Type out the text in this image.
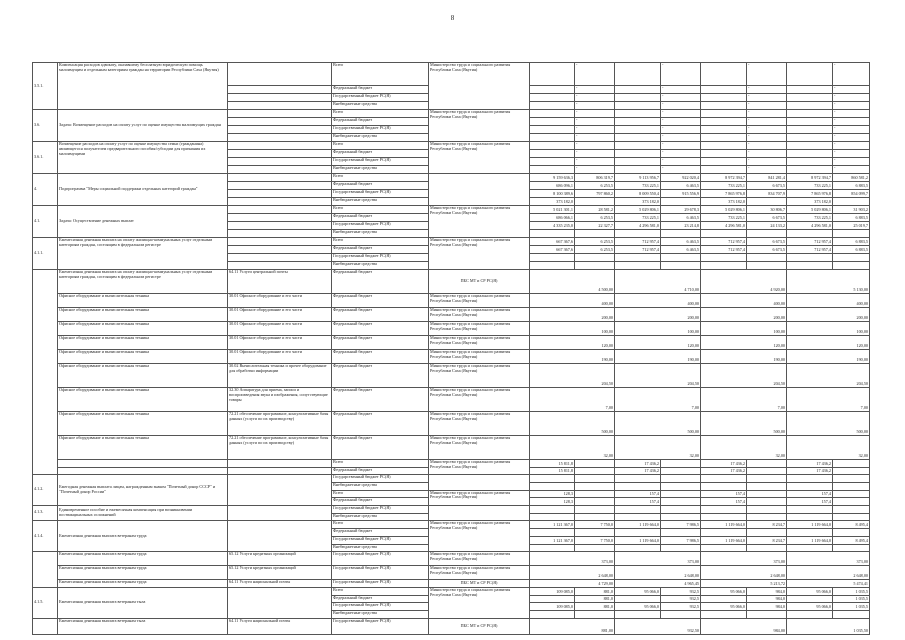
8
3.5.1.	Компенсация расходов адвокату, оказавшему бесплатную юридическую помощь малоимущим и отдельным категориям граждан на территории Республики Саха (Якутия)		Всего	Министерство труда и социального развития Республики Саха (Якутия)		-		-		-		-
			Федеральный бюджет			-		-		-		-
			Государственный бюджет РС(Я)			-		-		-		-
			Внебюджетные средства			-		-		-		-
3.6.	Задача: Возмещение расходов на оплату услуг по оценке имущества малоимущих граждан		Всего	Министерство труда и социального развития Республики Саха (Якутия)		-		-		-		-
			Федеральный бюджет			-		-		-		-
			Государственный бюджет РС(Я)			-		-		-		-
			Внебюджетные средства			-		-		-		-
3.6.1.	Возмещение расходов на оплату услуг по оценке имущества семьи (гражданина) являющегося получателем предварительного пособия/субсидии для признания их малоимущими		Всего	Министерство труда и социального развития Республики Саха (Якутия)		-		-		-		-
			Федеральный бюджет			-		-		-		-
			Государственный бюджет РС(Я)			-		-		-		-
			Внебюджетные средства			-		-		-		-
4.	Подпрограмма "Меры социальной поддержки отдельных категорий граждан"		Всего		9 159 636,3	806 319,7	9 113 956,7	922 020,4	8 972 394,7	841 281,4	8 972 394,7	860 581,2
			Федеральный бюджет		686 096,1	6 253,5	733 225,1	6 463,5	733 225,1	6 673,5	733 225,1	6 883,5
			Государственный бюджет РС(Я)		8 100 389,6	797 860,2	8 009 550,4	915 556,9	7 865 976,8	834 707,9	7 865 976,8	854 099,7
			Внебюджетные средства		373 182,0		373 182,0		373 182,0		373 182,0	
4.1.	Задача: Осуществление денежных выплат		Всего	Министерство труда и социального развития Республики Саха (Якутия)	5 021 301,1	28 581,2	5 029 806,1	29 678,3	5 029 806,1	30 806,7	5 029 806,1	31 903,2
			Федеральный бюджет		686 066,1	6 253,5	733 225,1	6 463,5	733 225,1	6 673,5	733 225,1	6 883,5
			Государственный бюджет РС(Я)		4 335 235,0	22 327,7	4 296 581,0	23 214,8	4 296 581,0	24 133,2	4 296 581,0	25 019,7
			Внебюджетные средства									
4.1.1.	Ежемесячная денежная выплата на оплату жилищно-коммунальных услуг отдельным категориям граждан, состоящим в федеральном регистре		Всего	Министерство труда и социального развития Республики Саха (Якутия)	667 367,6	6 253,5	712 957,4	6 463,5	712 957,4	6 673,5	712 957,4	6 883,5
			Федеральный бюджет		667 367,6	6 253,5	712 957,4	6 463,5	712 957,4	6 673,5	712 957,4	6 883,5
			Государственный бюджет РС(Я)									
			Внебюджетные средства									
	Ежемесячная денежная выплата на оплату жилищно-коммунальных услуг отдельным категориям граждан, состоящим в федеральном регистре	64.11 Услуги центральной почты	Федеральный бюджет	ПБС МТ и СР РС(Я)	4 500,00		4 710,00		4 920,00		5 130,00	
	Офисное оборудование и вычислительная техника	30.01 Офисное оборудование и его части	Федеральный бюджет	Министерство труда и социального развития Республики Саха (Якутия)	400,00		400,00		400,00		400,00	
	Офисное оборудование и вычислительная техника	30.01 Офисное оборудование и его части	Федеральный бюджет	Министерство труда и социального развития Республики Саха (Якутия)	200,00		200,00		200,00		200,00	
	Офисное оборудование и вычислительная техника	30.01 Офисное оборудование и его части	Федеральный бюджет	Министерство труда и социального развития Республики Саха (Якутия)	100,00		100,00		100,00		100,00	
	Офисное оборудование и вычислительная техника	30.01 Офисное оборудование и его части	Федеральный бюджет	Министерство труда и социального развития Республики Саха (Якутия)	120,00		120,00		120,00		120,00	
	Офисное оборудование и вычислительная техника	30.01 Офисное оборудование и его части	Федеральный бюджет	Министерство труда и социального развития Республики Саха (Якутия)	190,00		190,00		190,00		190,00	
	Офисное оборудование и вычислительная техника	30.02 Вычислительная техника и прочее оборудование для обработки информации	Федеральный бюджет	Министерство труда и социального развития Республики Саха (Якутия)	204,50		204,50		204,50		204,50	
	Офисное оборудование и вычислительная техника	32.30 Аппаратура для приема, записи и воспроизведения звука и изображения, сопутствующие товары	Федеральный бюджет	Министерство труда и социального развития Республики Саха (Якутия)	7,00		7,00		7,00		7,00	
	Офисное оборудование и вычислительная техника	72.21 обеспечение программное, консультативные базы данных (услуги по их производству)	Федеральный бюджет	Министерство труда и социального развития Республики Саха (Якутия)	500,00		500,00		500,00		500,00	
	Офисное оборудование и вычислительная техника	72.21 обеспечение программное, консультативные базы данных (услуги по их производству)	Федеральный бюджет	Министерство труда и социального развития Республики Саха (Якутия)	32,00		32,00		32,00		32,00	
			Всего	Министерство труда и социального развития Республики Саха (Якутия)	15 811,8		17 436,2		17 436,2		17 436,2	
			Федеральный бюджет		15 811,8		17 436,2		17 436,2		17 436,2	
4.1.2.	Ежегодная денежная выплата лицам, награжденным знаком "Почетный донор СССР" и "Почетный донор России"		Государственный бюджет РС(Я)									
			Внебюджетные средства									
			Всего	Министерство труда и социального развития Республики Саха (Якутия)	128,3		157,4		157,4		157,4	
			Федеральный бюджет		128,3		157,4		157,4		157,4	
4.1.3.	Единовременное пособие и ежемесячная компенсация при возникновении поствакцинальных осложнений		Государственный бюджет РС(Я)									
			Внебюджетные средства									
4.1.4.	Ежемесячная денежная выплата ветеранам труда		Всего	Министерство труда и социального развития Республики Саха (Якутия)	1 121 367,0	7 750,0	1 119 664,0	7 986,5	1 119 664,0	8 234,7	1 119 664,0	8 495,4
			Федеральный бюджет									
			Государственный бюджет РС(Я)		1 121 367,0	7 750,0	1 119 664,0	7 986,5	1 119 664,0	8 234,7	1 119 664,0	8 495,4
			Внебюджетные средства									
	Ежемесячная денежная выплата ветеранам труда	65.12 Услуги кредитных организаций	Государственный бюджет РС(Я)	Министерство труда и социального развития Республики Саха (Якутия)	373,00		373,00		373,00		373,00	
	Ежемесячная денежная выплата ветеранам труда	65.12 Услуги кредитных организаций	Государственный бюджет РС(Я)	Министерство труда и социального развития Республики Саха (Якутия)	2 648,00		2 648,00		2 648,00		2 648,00	
	Ежемесячная денежная выплата ветеранам труда	64.11 Услуги национальной почты	Государственный бюджет РС(Я)	ПБС МТ и СР РС(Я)	4 729,00		4 965,45		5 213,72		5 474,41	
4.1.5.	Ежемесячная денежная выплата ветеранам тыла		Всего	Министерство труда и социального развития Республики Саха (Якутия)	109 085,0	881,0	95 066,0	932,5	95 066,0	984,0	95 066,0	1 035,5
			Федеральный бюджет			881,0		932,5		984,0		1 035,5
			Государственный бюджет РС(Я)		109 085,0	881,0	95 066,0	932,5	95 066,0	984,0	95 066,0	1 035,5
			Внебюджетные средства									
	Ежемесячная денежная выплата ветеранам тыла	64.11 Услуги национальной почты	Государственный бюджет РС(Я)	ПБС МТ и СР РС(Я)	881,00		932,50		984,00		1 035,50	
